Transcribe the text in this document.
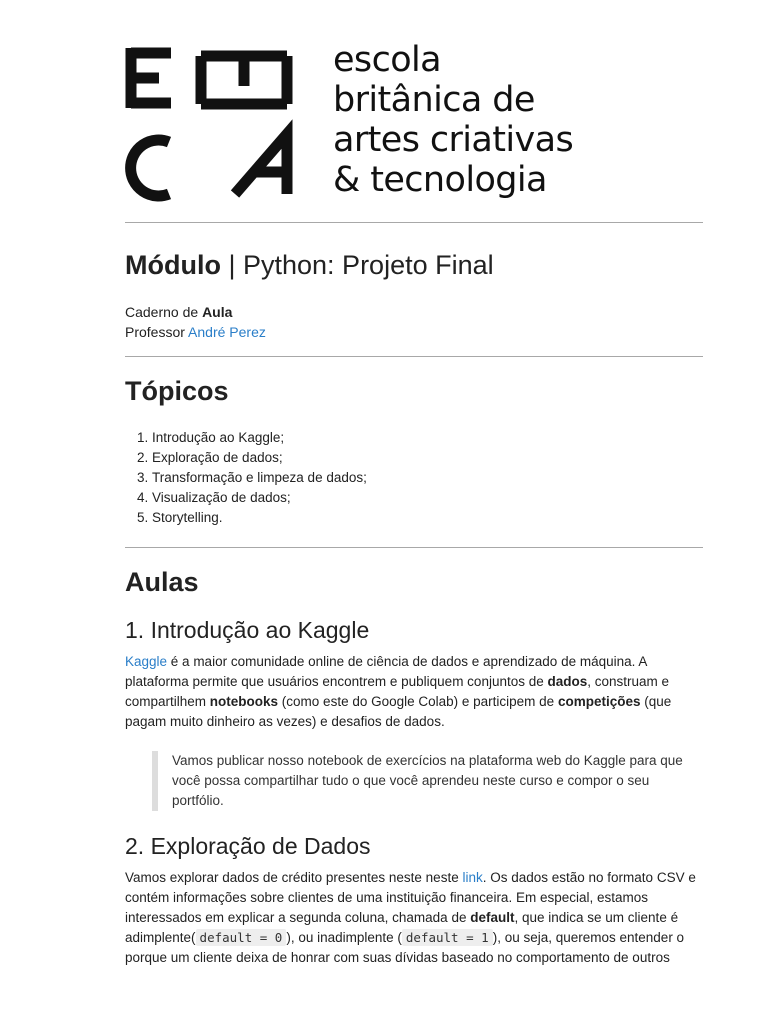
escola
britânica de
artes criativas
& tecnologia
Módulo | Python: Projeto Final
Caderno de Aula
Professor André Perez
Tópicos
1. Introdução ao Kaggle;
2. Exploração de dados;
3. Transformação e limpeza de dados;
4. Visualização de dados;
5. Storytelling.
Aulas
1. Introdução ao Kaggle

Kaggle é a maior comunidade online de ciência de dados e aprendizado de máquina. A plataforma permite que usuários encontrem e publiquem conjuntos de dados, construam e compartilhem notebooks (como este do Google Colab) e participem de competições (que pagam muito dinheiro as vezes) e desafios de dados.

Vamos publicar nosso notebook de exercícios na plataforma web do Kaggle para que você possa compartilhar tudo o que você aprendeu neste curso e compor o seu portfólio.
2. Exploração de Dados

Vamos explorar dados de crédito presentes neste neste link. Os dados estão no formato CSV e contém informações sobre clientes de uma instituição financeira. Em especial, estamos interessados em explicar a segunda coluna, chamada de default, que indica se um cliente é adimplente( default = 0 ), ou inadimplente ( default = 1 ), ou seja, queremos entender o porque um cliente deixa de honrar com suas dívidas baseado no comportamento de outros
